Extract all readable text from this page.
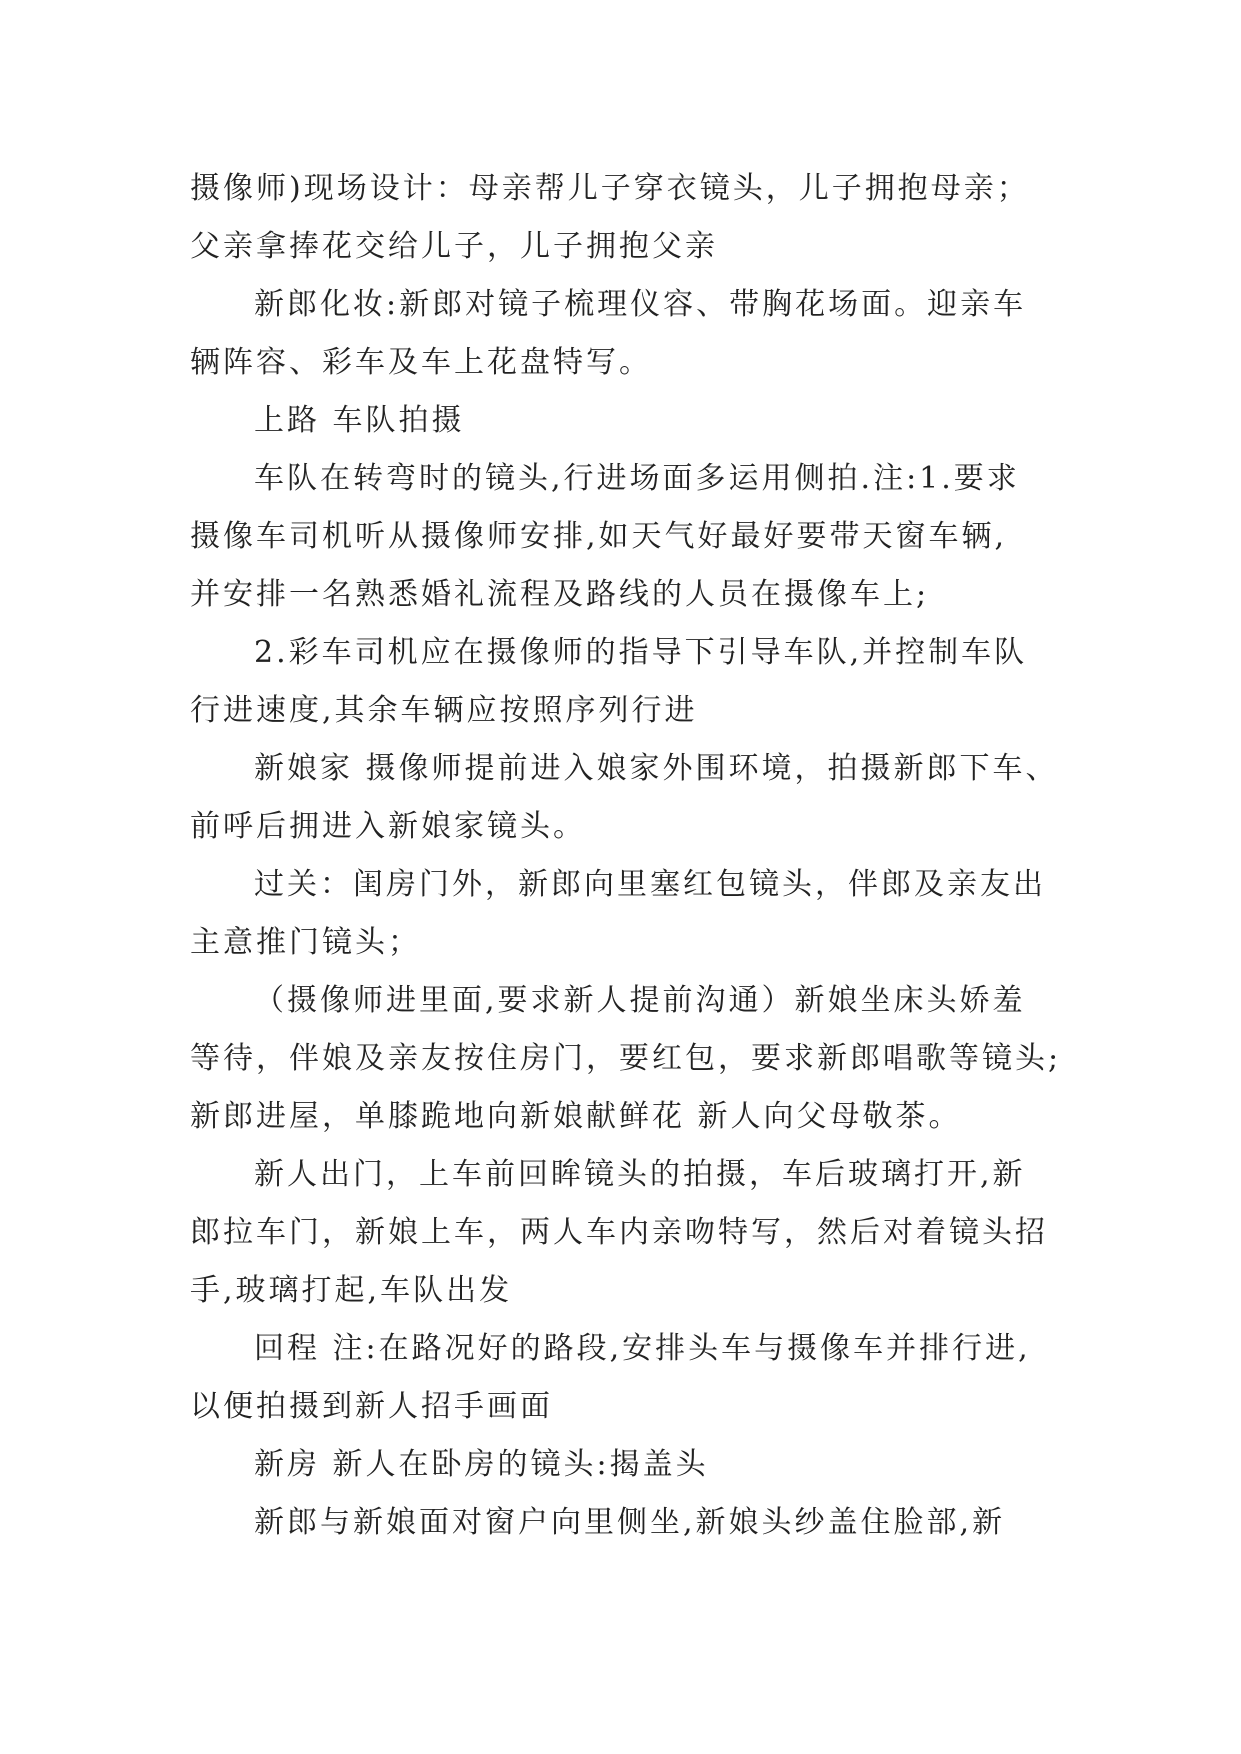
摄像师)现场设计：母亲帮儿子穿衣镜头，儿子拥抱母亲；
父亲拿捧花交给儿子，儿子拥抱父亲

新郎化妆:新郎对镜子梳理仪容、带胸花场面。迎亲车
辆阵容、彩车及车上花盘特写。

上路 车队拍摄

车队在转弯时的镜头,行进场面多运用侧拍.注:1.要求
摄像车司机听从摄像师安排,如天气好最好要带天窗车辆,
并安排一名熟悉婚礼流程及路线的人员在摄像车上;

2.彩车司机应在摄像师的指导下引导车队,并控制车队
行进速度,其余车辆应按照序列行进

新娘家 摄像师提前进入娘家外围环境，拍摄新郎下车、
前呼后拥进入新娘家镜头。

过关：闺房门外，新郎向里塞红包镜头，伴郎及亲友出
主意推门镜头；

（摄像师进里面,要求新人提前沟通）新娘坐床头娇羞
等待，伴娘及亲友按住房门，要红包，要求新郎唱歌等镜头;
新郎进屋，单膝跪地向新娘献鲜花 新人向父母敬茶。

新人出门，上车前回眸镜头的拍摄，车后玻璃打开,新
郎拉车门，新娘上车，两人车内亲吻特写，然后对着镜头招
手,玻璃打起,车队出发

回程 注:在路况好的路段,安排头车与摄像车并排行进,
以便拍摄到新人招手画面

新房 新人在卧房的镜头:揭盖头

新郎与新娘面对窗户向里侧坐,新娘头纱盖住脸部,新
